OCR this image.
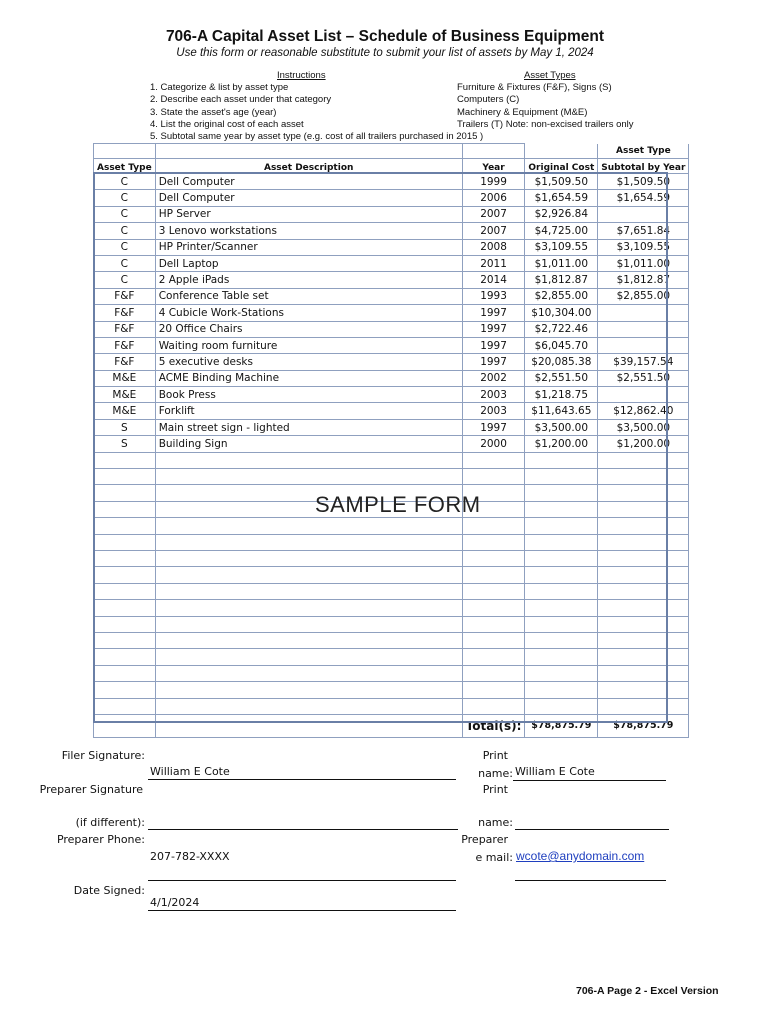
706-A Capital Asset List – Schedule of Business Equipment
Use this form or reasonable substitute to submit your list of assets by May 1, 2024
Instructions	Asset Types
1. Categorize & list by asset type
2. Describe each asset under that category
3. State the asset's age (year)
4. List the original cost of each asset
5. Subtotal same year by asset type (e.g. cost of all trailers purchased in 2015 )
Furniture & Fixtures (F&F), Signs (S)
Computers (C)
Machinery & Equipment (M&E)
Trailers (T) Note: non-excised trailers only
				Asset Type
Asset Type	Asset Description	Year	Original Cost	Subtotal by Year
C	Dell Computer	1999	$1,509.50	$1,509.50
C	Dell Computer	2006	$1,654.59	$1,654.59
C	HP Server	2007	$2,926.84	
C	3 Lenovo workstations	2007	$4,725.00	$7,651.84
C	HP Printer/Scanner	2008	$3,109.55	$3,109.55
C	Dell Laptop	2011	$1,011.00	$1,011.00
C	2 Apple iPads	2014	$1,812.87	$1,812.87
F&F	Conference Table set	1993	$2,855.00	$2,855.00
F&F	4 Cubicle Work-Stations	1997	$10,304.00	
F&F	20 Office Chairs	1997	$2,722.46	
F&F	Waiting room furniture	1997	$6,045.70	
F&F	5 executive desks	1997	$20,085.38	$39,157.54
M&E	ACME Binding Machine	2002	$2,551.50	$2,551.50
M&E	Book Press	2003	$1,218.75	
M&E	Forklift	2003	$11,643.65	$12,862.40
S	Main street sign - lighted	1997	$3,500.00	$3,500.00
S	Building Sign	2000	$1,200.00	$1,200.00

		Total(s):	$78,875.79	$78,875.79
SAMPLE FORM
Filer Signature:
William E Cote
Preparer Signature
(if different):
Preparer Phone:
207-782-XXXX
Date Signed:
4/1/2024
Print
name: William E Cote
Print
name:
Preparer
e mail: wcote@anydomain.com
706-A Page 2 - Excel Version
